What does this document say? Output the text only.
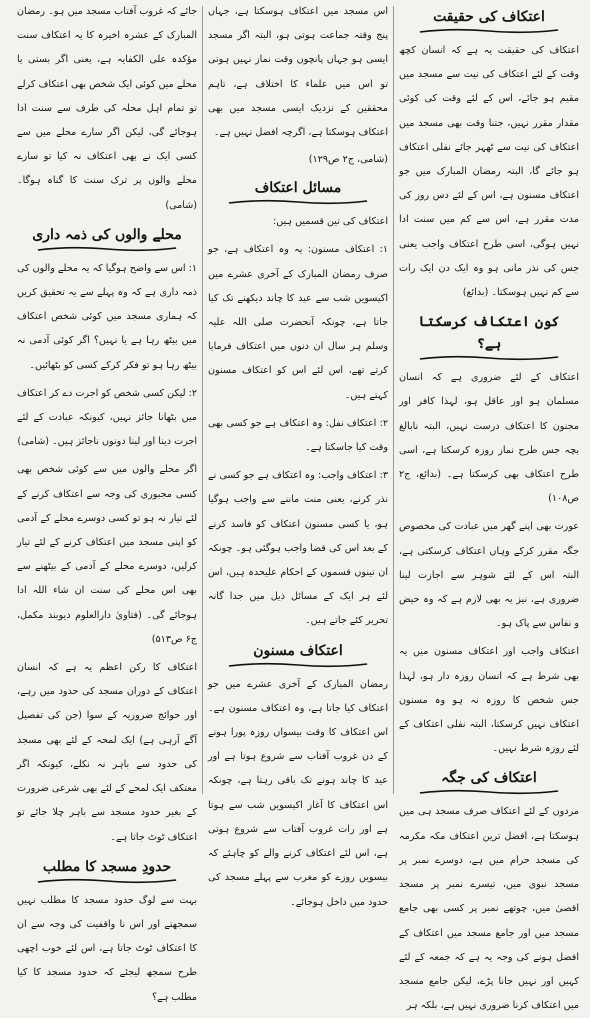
اعتکاف کی حقیقت

اعتکاف کی حقیقت یہ ہے کہ انسان کچھ وقت کے لئے اعتکاف کی نیت سے مسجد میں مقیم ہو جائے، اس کے لئے وقت کی کوئی مقدار مقرر نہیں، جتنا وقت بھی مسجد میں اعتکاف کی نیت سے ٹھہر جائے نفلی اعتکاف ہو جائے گا، البتہ رمضان المبارک میں جو اعتکاف مسنون ہے، اس کے لئے دس روز کی مدت مقرر ہے، اس سے کم میں سنت ادا نہیں ہوگی، اسی طرح اعتکاف واجب یعنی جس کی نذر مانی ہو وہ ایک دن ایک رات سے کم نہیں ہوسکتا۔ (بدائع)

کون اعتکاف کرسکتا ہے؟

اعتکاف کے لئے ضروری ہے کہ انسان مسلمان ہو اور عاقل ہو، لہذا کافر اور مجنون کا اعتکاف درست نہیں، البتہ نابالغ بچہ جس طرح نماز روزہ کرسکتا ہے، اسی طرح اعتکاف بھی کرسکتا ہے۔ (بدائع، ج۲ ص۱۰۸)

عورت بھی اپنے گھر میں عبادت کی مخصوص جگہ مقرر کرکے وہاں اعتکاف کرسکتی ہے، البتہ اس کے لئے شوہر سے اجازت لینا ضروری ہے، نیز یہ بھی لازم ہے کہ وہ حیض و نفاس سے پاک ہو۔

اعتکاف واجب اور اعتکاف مسنون میں یہ بھی شرط ہے کہ انسان روزہ دار ہو، لہذا جس شخص کا روزہ نہ ہو وہ مسنون اعتکاف نہیں کرسکتا، البتہ نفلی اعتکاف کے لئے روزہ شرط نہیں۔

اعتکاف کی جگہ

مردوں کے لئے اعتکاف صرف مسجد ہی میں ہوسکتا ہے، افضل ترین اعتکاف مکہ مکرمہ کی مسجد حرام میں ہے، دوسرے نمبر پر مسجد نبوی میں، تیسرے نمبر پر مسجد اقصیٰ میں، چوتھے نمبر پر کسی بھی جامع مسجد میں اور جامع مسجد میں اعتکاف کے افضل ہونے کی وجہ یہ ہے کہ جمعہ کے لئے کہیں اور نہیں جانا پڑے، لیکن جامع مسجد میں اعتکاف کرنا ضروری نہیں ہے، بلکہ ہر

اس مسجد میں اعتکاف ہوسکتا ہے، جہاں پنج وقتہ جماعت ہوتی ہو، البتہ اگر مسجد ایسی ہو جہاں پانچوں وقت نماز نہیں ہوتی تو اس میں علماء کا اختلاف ہے، تاہم محققین کے نزدیک ایسی مسجد میں بھی اعتکاف ہوسکتا ہے، اگرچہ افضل نہیں ہے۔

(شامی، ج۲ ص۱۲۹)

مسائل اعتکاف

اعتکاف کی تین قسمیں ہیں:

۱: اعتکاف مسنون: یہ وہ اعتکاف ہے، جو صرف رمضان المبارک کے آخری عشرے میں اکیسویں شب سے عید کا چاند دیکھنے تک کیا جاتا ہے، چونکہ آنحضرت صلی اللہ علیہ وسلم ہر سال ان دنوں میں اعتکاف فرمایا کرتے تھے، اس لئے اس کو اعتکاف مسنون کہتے ہیں۔

۲: اعتکاف نفل: وہ اعتکاف ہے جو کسی بھی وقت کیا جاسکتا ہے۔

۳: اعتکاف واجب: وہ اعتکاف ہے جو کسی نے نذر کرنے، یعنی منت ماننے سے واجب ہوگیا ہو، یا کسی مسنون اعتکاف کو فاسد کرنے کے بعد اس کی قضا واجب ہوگئی ہو۔ چونکہ ان تینوں قسموں کے احکام علیحدہ ہیں، اس لئے ہر ایک کے مسائل ذیل میں جدا گانہ تحریر کئے جاتے ہیں۔

اعتکاف مسنون

رمضان المبارک کے آخری عشرے میں جو اعتکاف کیا جاتا ہے، وہ اعتکاف مسنون ہے۔ اس اعتکاف کا وقت بیسواں روزہ پورا ہونے کے دن غروب آفتاب سے شروع ہوتا ہے اور عید کا چاند ہونے تک باقی رہتا ہے، چونکہ اس اعتکاف کا آغاز اکیسویں شب سے ہوتا ہے اور رات غروب آفتاب سے شروع ہوتی ہے، اس لئے اعتکاف کرنے والے کو چاہئے کہ بیسویں روزے کو مغرب سے پہلے مسجد کی حدود میں داخل ہوجائے۔

جائے کہ غروب آفتاب مسجد میں ہو۔ رمضان المبارک کے عشرہ اخیرہ کا یہ اعتکاف سنت مؤکدہ علی الکفایہ ہے، یعنی اگر بستی یا محلے میں کوئی ایک شخص بھی اعتکاف کرلے تو تمام اہل محلہ کی طرف سے سنت ادا ہوجائے گی، لیکن اگر سارے محلے میں سے کسی ایک نے بھی اعتکاف نہ کیا تو سارے محلے والوں پر ترک سنت کا گناہ ہوگا۔ (شامی)

محلے والوں کی ذمہ داری

۱: اس سے واضح ہوگیا کہ یہ محلے والوں کی ذمہ داری ہے کہ وہ پہلے سے یہ تحقیق کریں کہ ہماری مسجد میں کوئی شخص اعتکاف میں بیٹھ رہا ہے یا نہیں؟ اگر کوئی آدمی نہ بیٹھ رہا ہو تو فکر کرکے کسی کو بٹھائیں۔

۲: لیکن کسی شخص کو اجرت دے کر اعتکاف میں بٹھانا جائز نہیں، کیونکہ عبادت کے لئے اجرت دینا اور لینا دونوں ناجائز ہیں۔ (شامی)

اگر محلے والوں میں سے کوئی شخص بھی کسی مجبوری کی وجہ سے اعتکاف کرنے کے لئے تیار نہ ہو تو کسی دوسرے محلے کے آدمی کو اپنی مسجد میں اعتکاف کرنے کے لئے تیار کرلیں، دوسرے محلے کے آدمی کے بیٹھنے سے بھی اس محلے کی سنت ان شاء اللہ ادا ہوجائے گی۔ (فتاویٰ دارالعلوم دیوبند مکمل، ج۶ ص۵۱۳)

اعتکاف کا رکن اعظم یہ ہے کہ انسان اعتکاف کے دوران مسجد کی حدود میں رہے، اور حوائج ضروریہ کے سوا (جن کی تفصیل آگے آرہی ہے) ایک لمحہ کے لئے بھی مسجد کی حدود سے باہر نہ نکلے، کیونکہ اگر معتکف ایک لمحے کے لئے بھی شرعی ضرورت کے بغیر حدود مسجد سے باہر چلا جائے تو اعتکاف ٹوٹ جاتا ہے۔

حدودِ مسجد کا مطلب

بہت سے لوگ حدود مسجد کا مطلب نہیں سمجھتے اور اس نا واقفیت کی وجہ سے ان کا اعتکاف ٹوٹ جاتا ہے، اس لئے خوب اچھی طرح سمجھ لیجئے کہ حدود مسجد کا کیا مطلب ہے؟
